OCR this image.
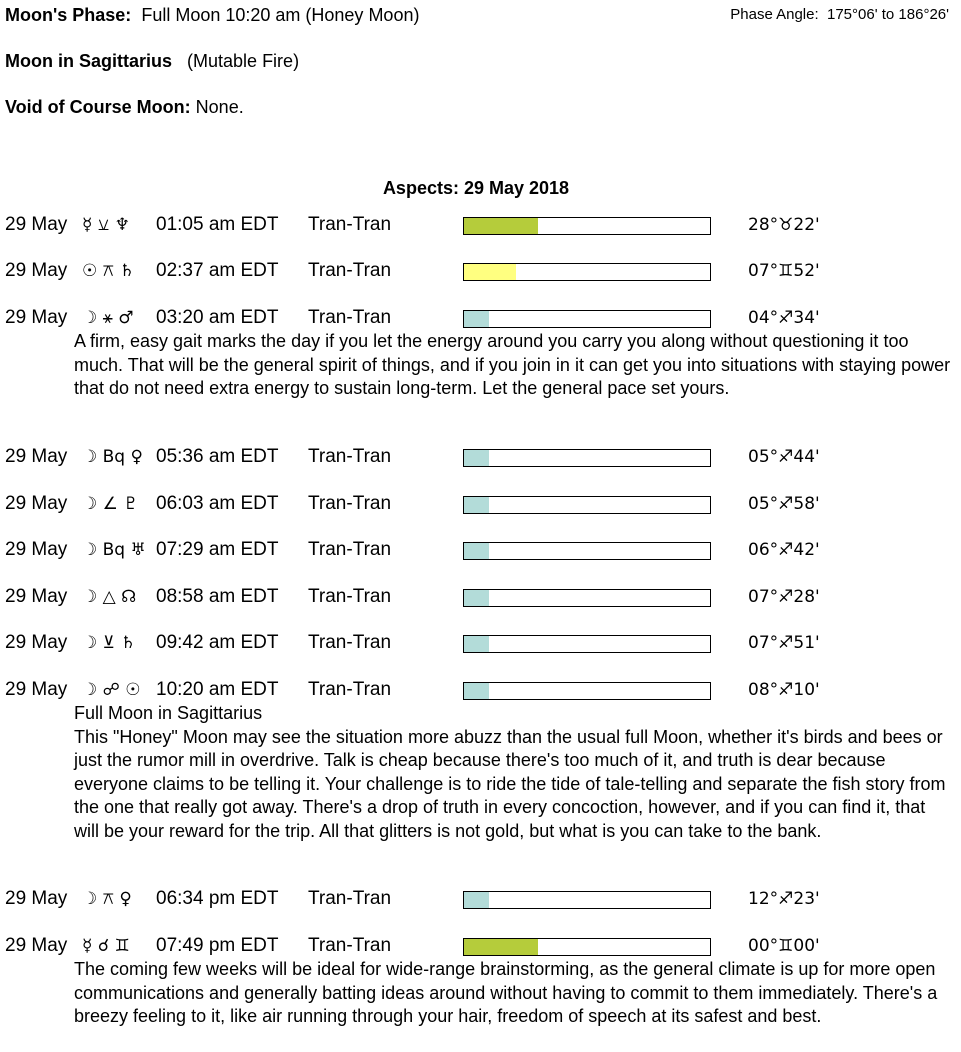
Moon's Phase: Full Moon 10:20 am (Honey Moon)	Phase Angle: 175°06' to 186°26'
Moon in Sagittarius (Mutable Fire)
Void of Course Moon: None.
Aspects: 29 May 2018
29 May ☿ ⚺ ♆ 01:05 am EDT Tran-Tran	28°♉22'
29 May ☉ ⚻ ♄ 02:37 am EDT Tran-Tran	07°♊52'
29 May ☽ ⚹ ♂ 03:20 am EDT Tran-Tran	04°♐34'

A firm, easy gait marks the day if you let the energy around you carry you along without questioning it too much. That will be the general spirit of things, and if you join in it can get you into situations with staying power that do not need extra energy to sustain long-term. Let the general pace set yours.

29 May ☽ Bq ♀ 05:36 am EDT Tran-Tran	05°♐44'
29 May ☽ ∠ ♇ 06:03 am EDT Tran-Tran	05°♐58'
29 May ☽ Bq ♅ 07:29 am EDT Tran-Tran	06°♐42'
29 May ☽ △ ☊ 08:58 am EDT Tran-Tran	07°♐28'
29 May ☽ ⊻ ♄ 09:42 am EDT Tran-Tran	07°♐51'
29 May ☽ ☍ ☉ 10:20 am EDT Tran-Tran	08°♐10'

Full Moon in Sagittarius

This "Honey" Moon may see the situation more abuzz than the usual full Moon, whether it's birds and bees or just the rumor mill in overdrive. Talk is cheap because there's too much of it, and truth is dear because everyone claims to be telling it. Your challenge is to ride the tide of tale-telling and separate the fish story from the one that really got away. There's a drop of truth in every concoction, however, and if you can find it, that will be your reward for the trip. All that glitters is not gold, but what is you can take to the bank.

29 May ☽ ⚻ ♀ 06:34 pm EDT Tran-Tran	12°♐23'
29 May ☿ ☌ ♊ 07:49 pm EDT Tran-Tran	00°♊00'

The coming few weeks will be ideal for wide-range brainstorming, as the general climate is up for more open communications and generally batting ideas around without having to commit to them immediately. There's a breezy feeling to it, like air running through your hair, freedom of speech at its safest and best.
